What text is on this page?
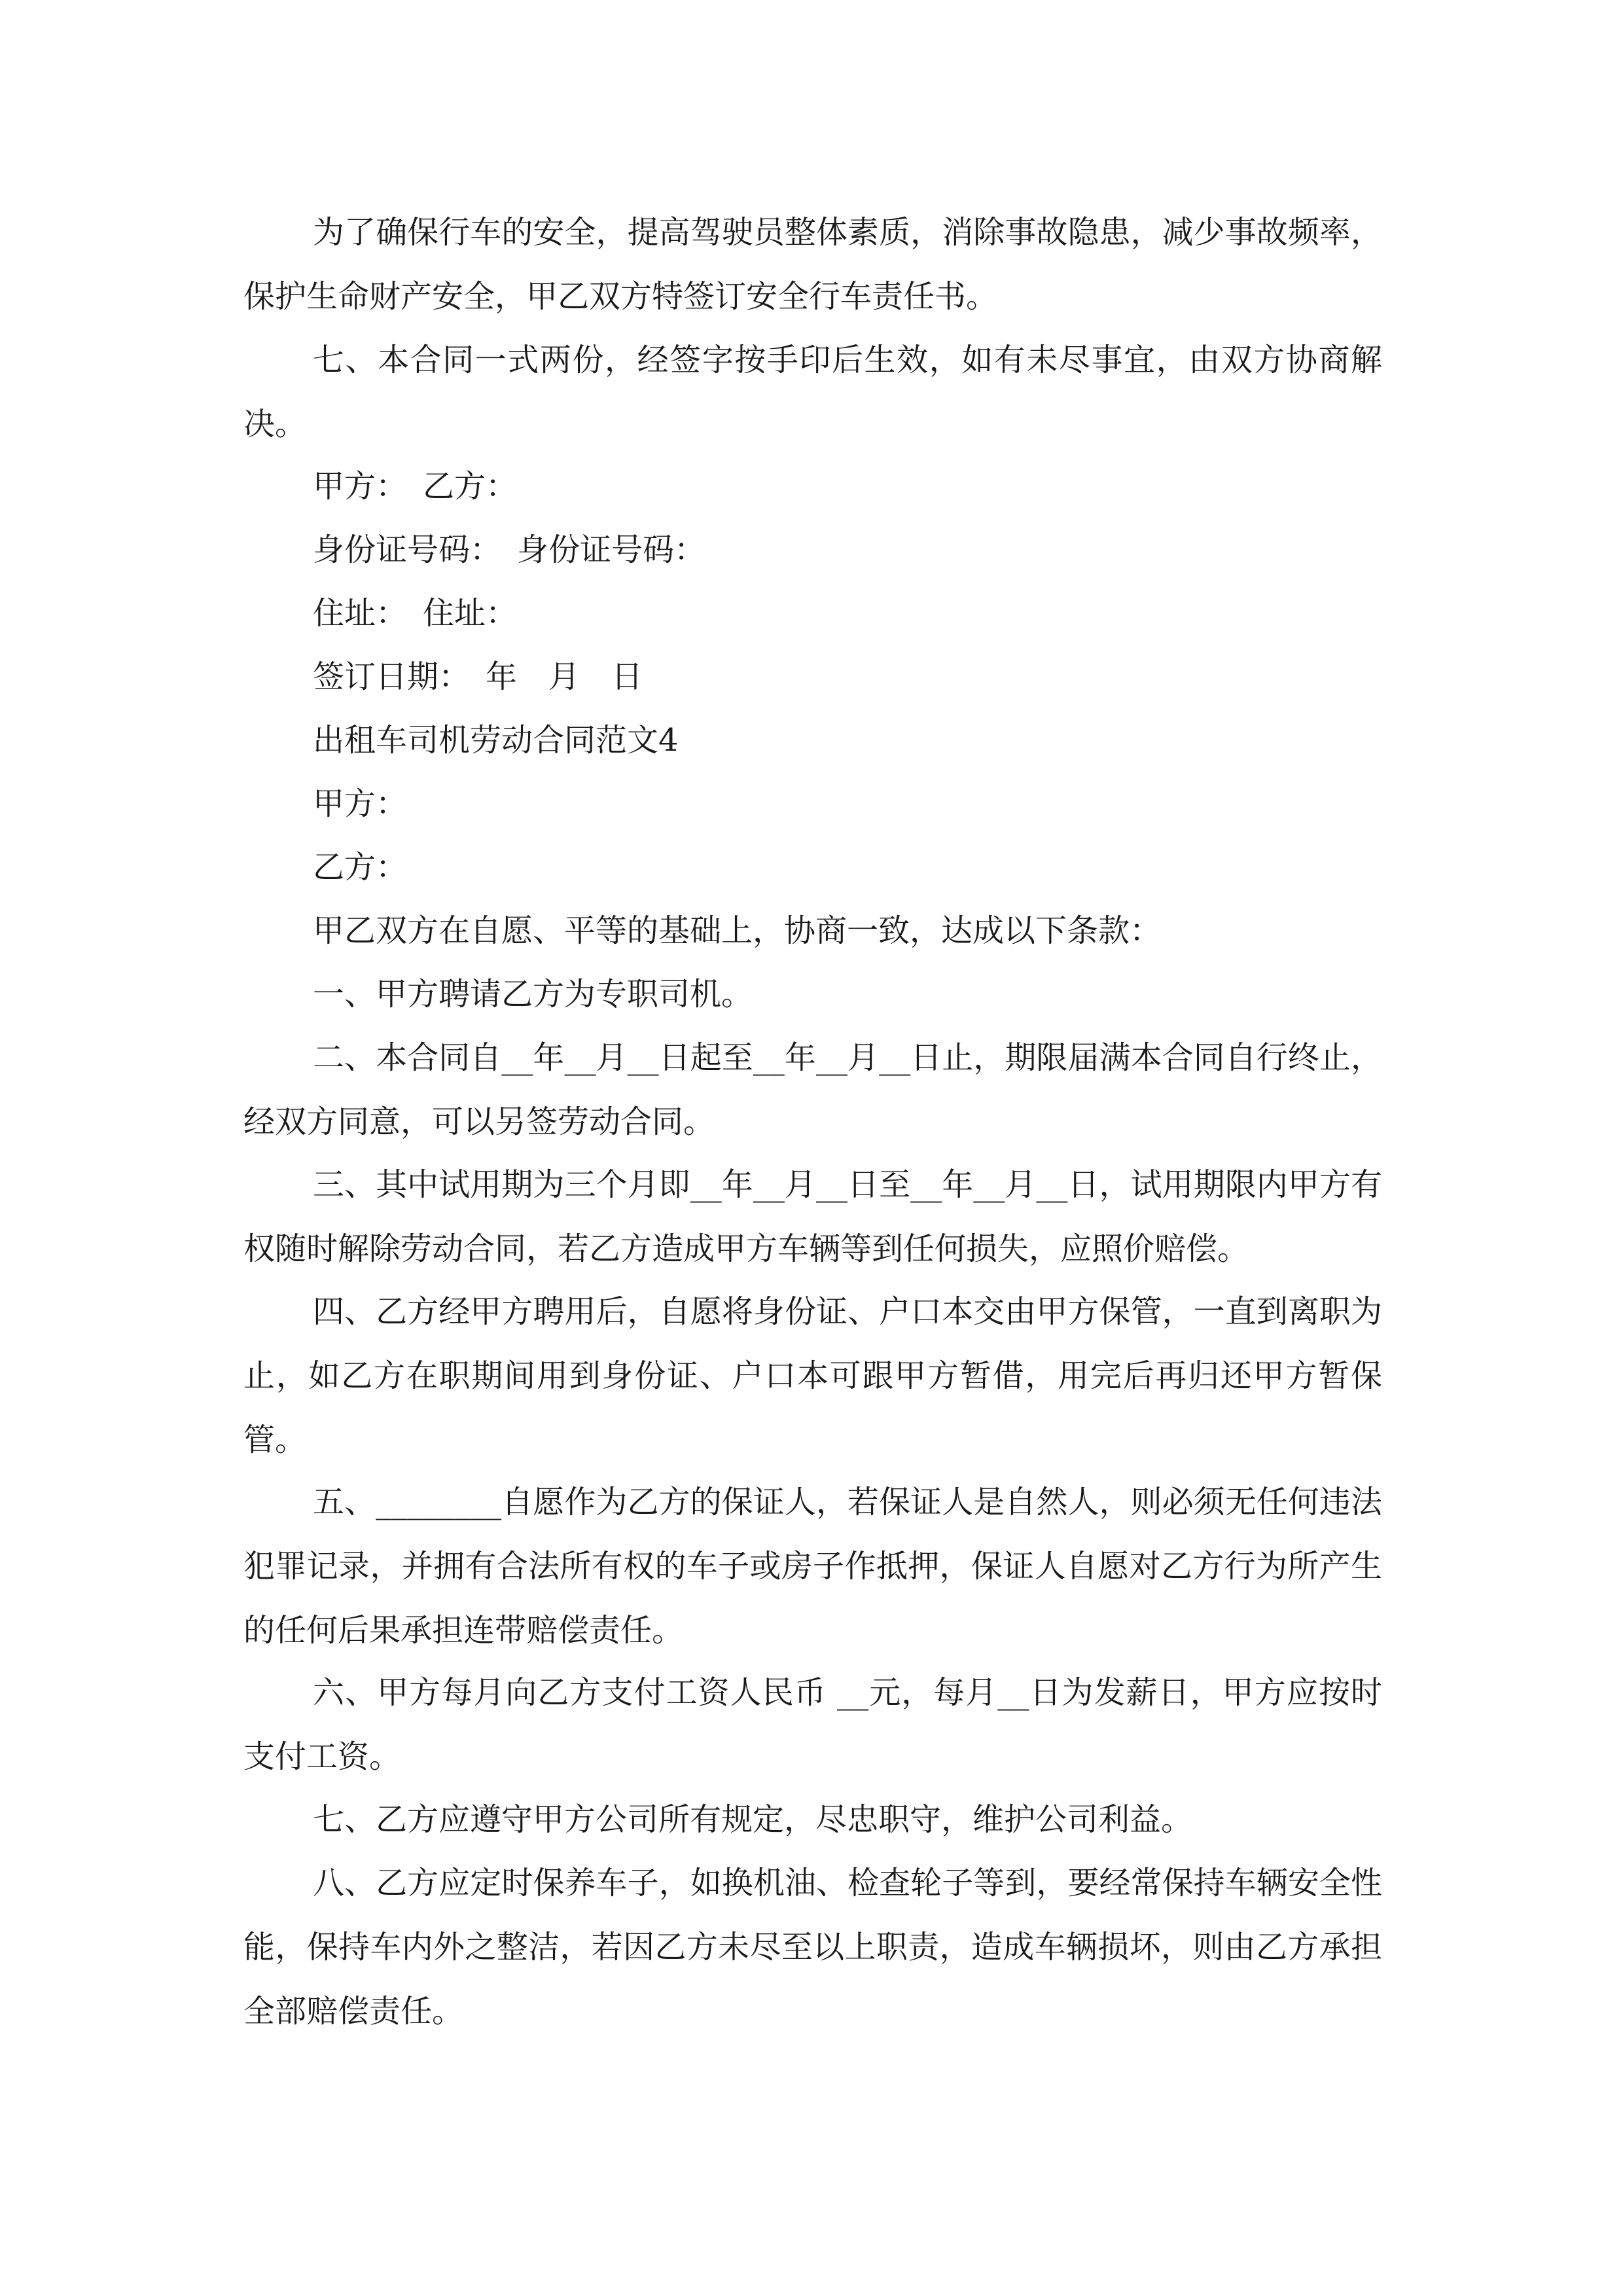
为了确保行车的安全，提高驾驶员整体素质，消除事故隐患，减少事故频率，保护生命财产安全，甲乙双方特签订安全行车责任书。

七、本合同一式两份，经签字按手印后生效，如有未尽事宜，由双方协商解决。

甲方：　乙方：

身份证号码：　身份证号码：

住址：　住址：

签订日期：　年　月　日

出租车司机劳动合同范文4

甲方：

乙方：

甲乙双方在自愿、平等的基础上，协商一致，达成以下条款：

一、甲方聘请乙方为专职司机。

二、本合同自__年__月__日起至__年__月__日止，期限届满本合同自行终止，经双方同意，可以另签劳动合同。

三、其中试用期为三个月即__年__月__日至__年__月__日，试用期限内甲方有权随时解除劳动合同，若乙方造成甲方车辆等到任何损失，应照价赔偿。

四、乙方经甲方聘用后，自愿将身份证、户口本交由甲方保管，一直到离职为止，如乙方在职期间用到身份证、户口本可跟甲方暂借，用完后再归还甲方暂保管。

五、________自愿作为乙方的保证人，若保证人是自然人，则必须无任何违法犯罪记录，并拥有合法所有权的车子或房子作抵押，保证人自愿对乙方行为所产生的任何后果承担连带赔偿责任。

六、甲方每月向乙方支付工资人民币 __元，每月__日为发薪日，甲方应按时支付工资。

七、乙方应遵守甲方公司所有规定，尽忠职守，维护公司利益。

八、乙方应定时保养车子，如换机油、检查轮子等到，要经常保持车辆安全性能，保持车内外之整洁，若因乙方未尽至以上职责，造成车辆损坏，则由乙方承担全部赔偿责任。
